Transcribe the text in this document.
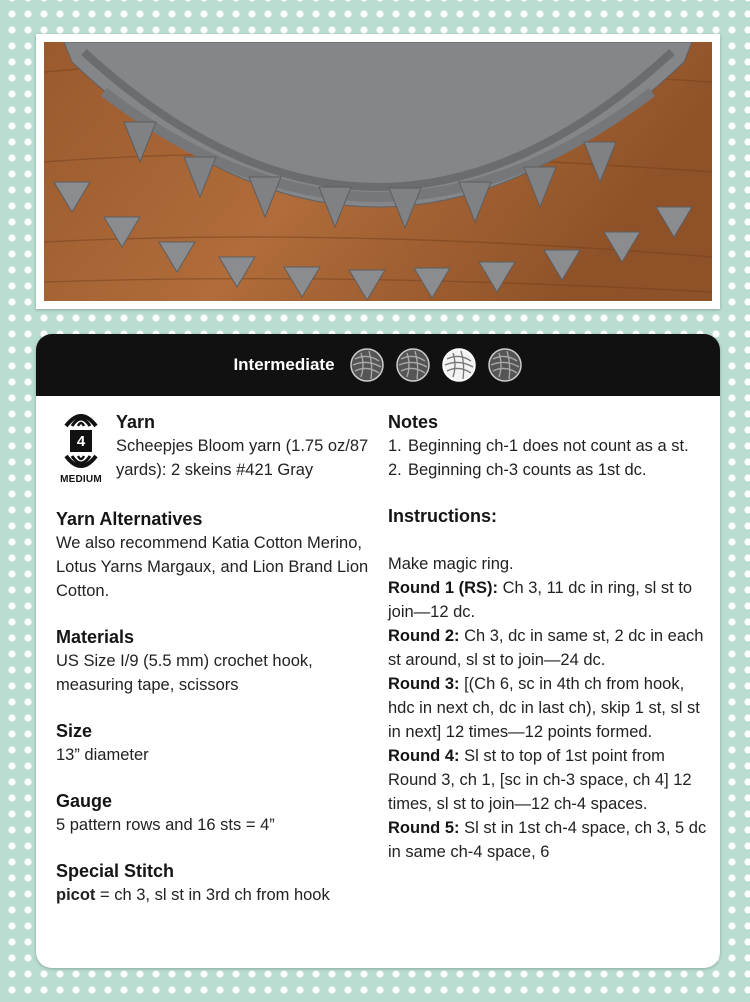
Intermediate
4
MEDIUM
Yarn
Scheepjes Bloom yarn (1.75 oz/87 yards): 2 skeins #421 Gray
Yarn Alternatives
We also recommend Katia Cotton Merino, Lotus Yarns Margaux, and Lion Brand Lion Cotton.
Materials
US Size I/9 (5.5 mm) crochet hook, measuring tape, scissors
Size
13” diameter
Gauge
5 pattern rows and 16 sts = 4”
Special Stitch
picot = ch 3, sl st in 3rd ch from hook
Notes
1. Beginning ch-1 does not count as a st.
2. Beginning ch-3 counts as 1st dc.
Instructions:
Make magic ring.

Round 1 (RS): Ch 3, 11 dc in ring, sl st to join—12 dc.

Round 2: Ch 3, dc in same st, 2 dc in each st around, sl st to join—24 dc.

Round 3: [(Ch 6, sc in 4th ch from hook, hdc in next ch, dc in last ch), skip 1 st, sl st in next] 12 times—12 points formed.

Round 4: Sl st to top of 1st point from Round 3, ch 1, [sc in ch-3 space, ch 4] 12 times, sl st to join—12 ch-4 spaces.

Round 5: Sl st in 1st ch-4 space, ch 3, 5 dc in same ch-4 space, 6
